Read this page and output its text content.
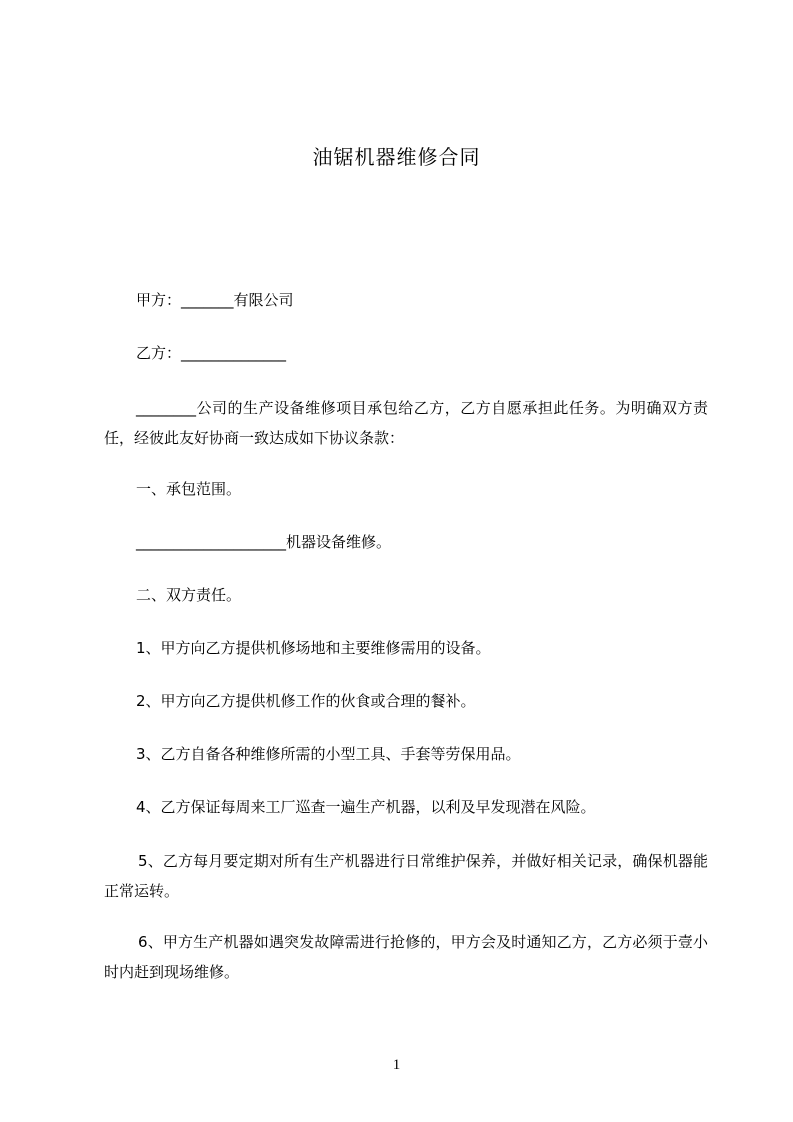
油锯机器维修合同
甲方：_______有限公司
乙方：______________
________公司的生产设备维修项目承包给乙方，乙方自愿承担此任务。为明确双方责任，经彼此友好协商一致达成如下协议条款：
一、承包范围。
____________________机器设备维修。
二、双方责任。
1、甲方向乙方提供机修场地和主要维修需用的设备。
2、甲方向乙方提供机修工作的伙食或合理的餐补。
3、乙方自备各种维修所需的小型工具、手套等劳保用品。
4、乙方保证每周来工厂巡查一遍生产机器，以利及早发现潜在风险。
5、乙方每月要定期对所有生产机器进行日常维护保养，并做好相关记录，确保机器能正常运转。
6、甲方生产机器如遇突发故障需进行抢修的，甲方会及时通知乙方，乙方必须于壹小时内赶到现场维修。
1
